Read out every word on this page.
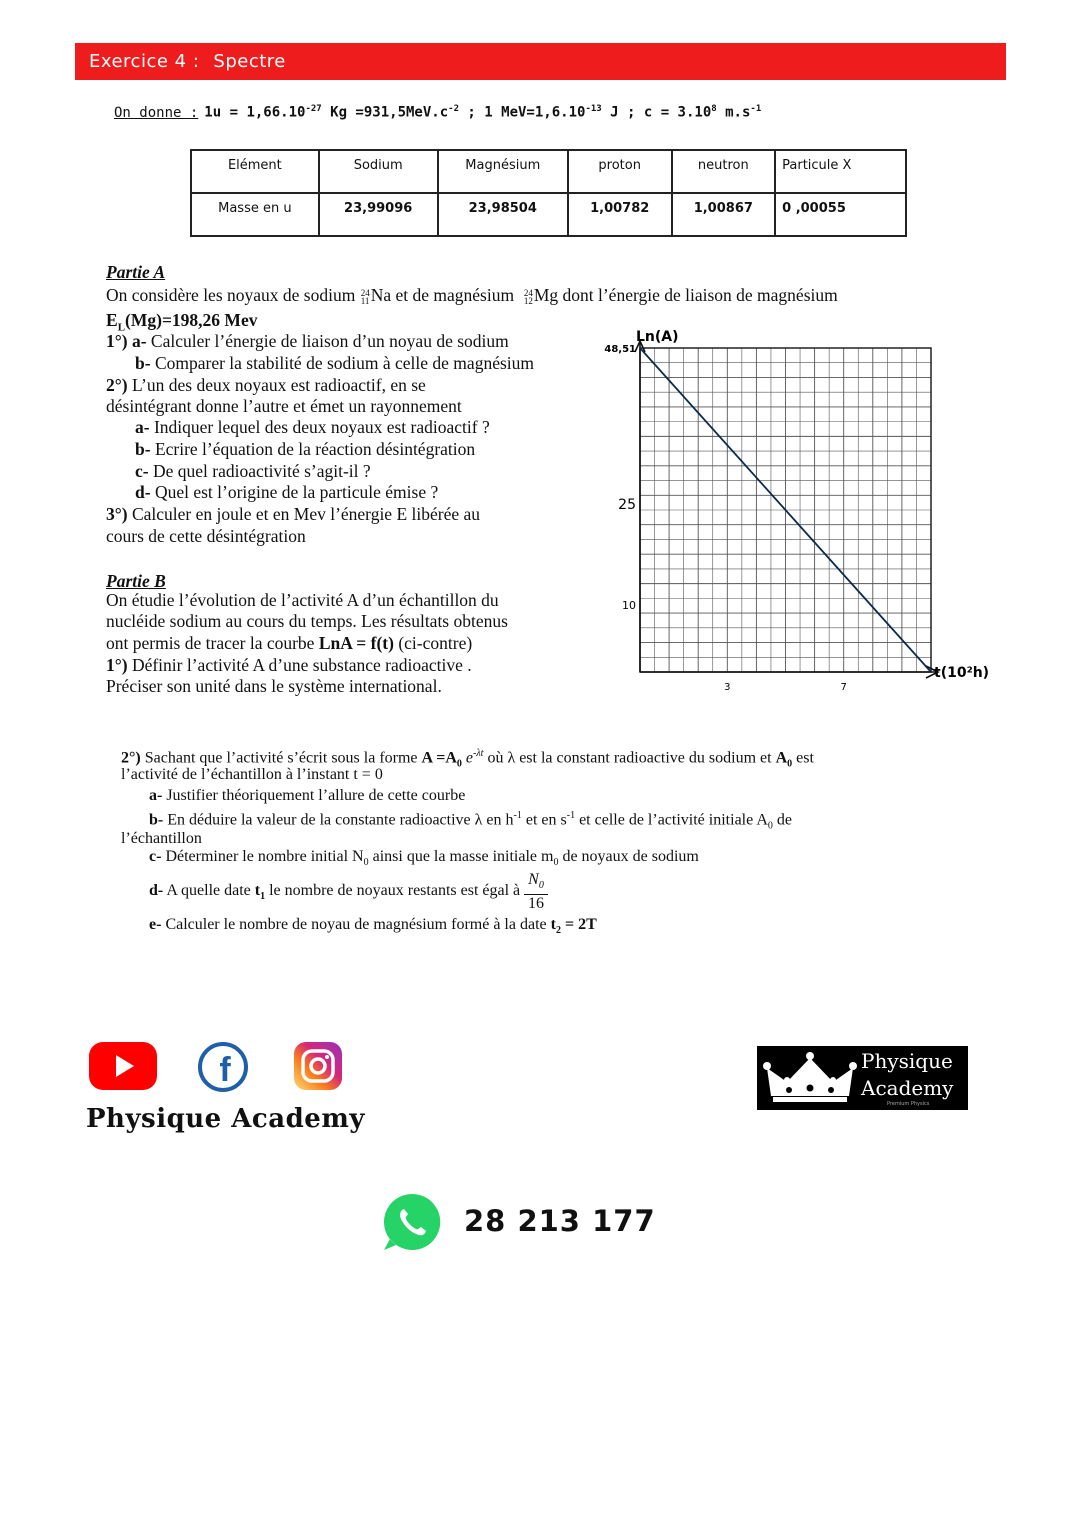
Exercice 4 : Spectre
On donne : $1u = 1,66.10^{-27}$ $Kg =931,5MeV.c^{-2}$ ; 1 $MeV=1,6.10^{-13}$ J ; $c = 3.10^8$ $m.s^{-1}$
Elément	Sodium	Magnésium	proton	neutron	Particule X
Masse en u	23,99096	23,98504	1,00782	1,00867	0 ,00055
Partie A
On considère les noyaux de sodium 24
11 Na et de magnésium 24
12 Mg dont l’énergie de liaison de magnésium
$E_L(Mg)=198,26$ Mev
1°) a- Calculer l’énergie de liaison d’un noyau de sodium
b- Comparer la stabilité de sodium à celle de magnésium
2°) L’un des deux noyaux est radioactif, en se
désintégrant donne l’autre et émet un rayonnement
a- Indiquer lequel des deux noyaux est radioactif ?
b- Ecrire l’équation de la réaction désintégration
c- De quel radioactivité s’agit-il ?
d- Quel est l’origine de la particule émise ?
3°) Calculer en joule et en Mev l’énergie E libérée au
cours de cette désintégration
Partie B
On étudie l’évolution de l’activité A d’un échantillon du
nucléide sodium au cours du temps. Les résultats obtenus
ont permis de tracer la courbe LnA = f(t) (ci-contre)
1°) Définir l’activité A d’une substance radioactive .
Préciser son unité dans le système international.
Ln(A)
t(10²h)
48,51
25
10
3	7
2°) Sachant que l’activité s’écrit sous la forme $A =A_0$ $e^{-\lambda t}$ où λ est la constant radioactive du sodium et $A_0$ est
l’activité de l’échantillon à l’instant t = 0
a- Justifier théoriquement l’allure de cette courbe
b- En déduire la valeur de la constante radioactive λ en $h^{-1}$ et en $s^{-1}$ et celle de l’activité initiale $A_0$ de
l’échantillon
c- Déterminer le nombre initial $N_0$ ainsi que la masse initiale $m_0$ de noyaux de sodium
d- A quelle date $t_1$ le nombre de noyaux restants est égal à $\frac{N_0}{16}$
e- Calculer le nombre de noyau de magnésium formé à la date $t_2 = 2T$
f
Physique Academy
Physique
Academy
Premium Physics
28 213 177
